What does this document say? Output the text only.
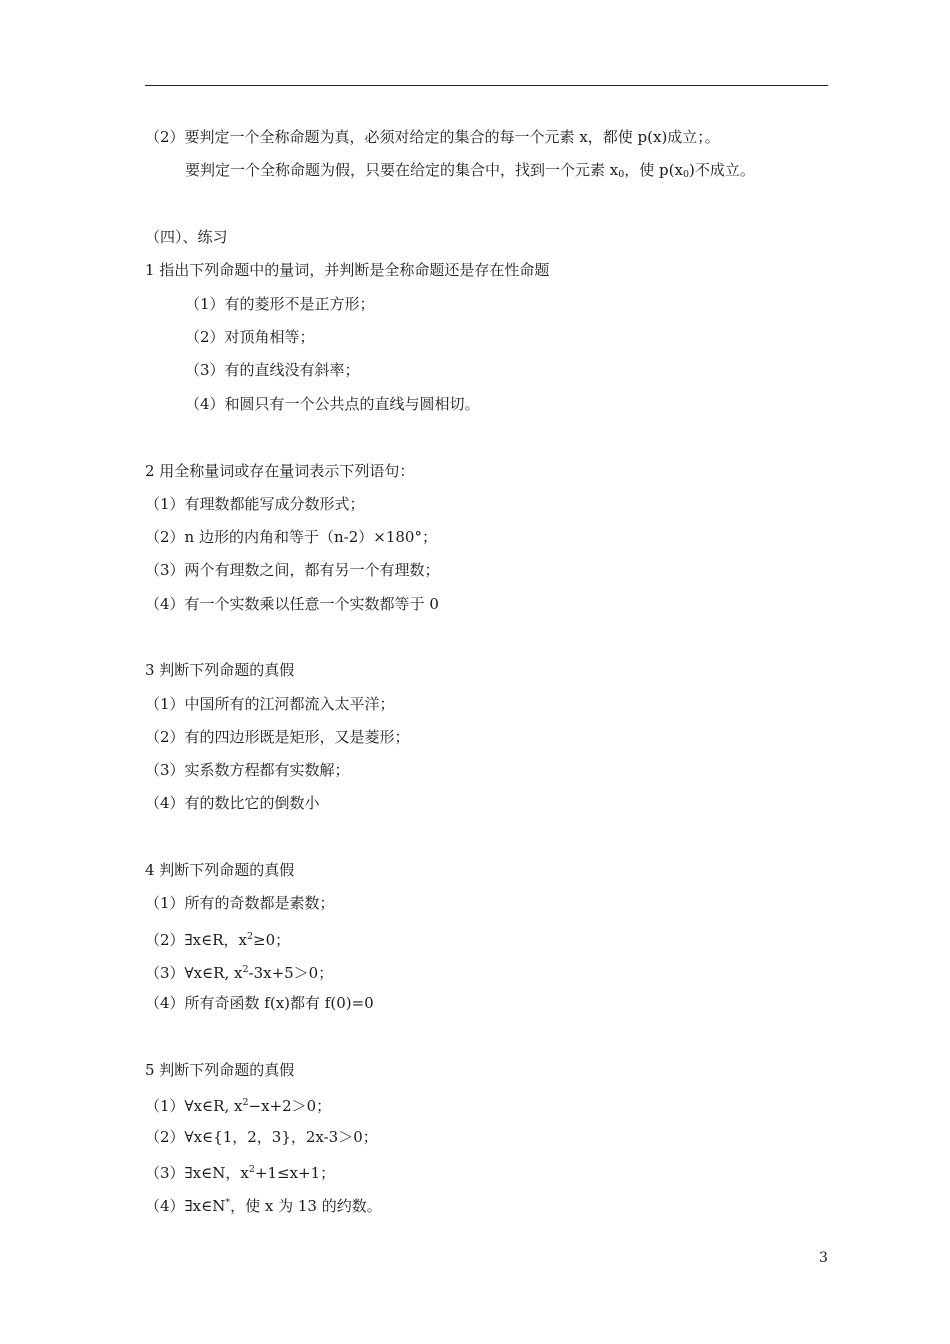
（2）要判定一个全称命题为真，必须对给定的集合的每一个元素 x，都使 p(x)成立；。
要判定一个全称命题为假，只要在给定的集合中，找到一个元素 $x_0$，使 $p(x_0)$不成立。
（四）、练习
1 指出下列命题中的量词，并判断是全称命题还是存在性命题
（1）有的菱形不是正方形；
（2）对顶角相等；
（3）有的直线没有斜率；
（4）和圆只有一个公共点的直线与圆相切。
2 用全称量词或存在量词表示下列语句：
（1）有理数都能写成分数形式；
（2）n 边形的内角和等于（n-2）×180°；
（3）两个有理数之间，都有另一个有理数；
（4）有一个实数乘以任意一个实数都等于 0
3 判断下列命题的真假
（1）中国所有的江河都流入太平洋；
（2）有的四边形既是矩形，又是菱形；
（3）实系数方程都有实数解；
（4）有的数比它的倒数小
4 判断下列命题的真假
（1）所有的奇数都是素数；
（2）∃x∈R，$x^2\ge 0$；
（3）∀x∈R, $x^2-3x+5>0$；
（4）所有奇函数 f(x)都有 f(0)=0
5 判断下列命题的真假
（1）∀x∈R, $x^2-x+2>0$；
（2）∀x∈{1，2，3}，2x-3＞0；
（3）∃x∈N，$x^2+1\le x+1$；
（4）∃x∈N*，使 x 为 13 的约数。
3
